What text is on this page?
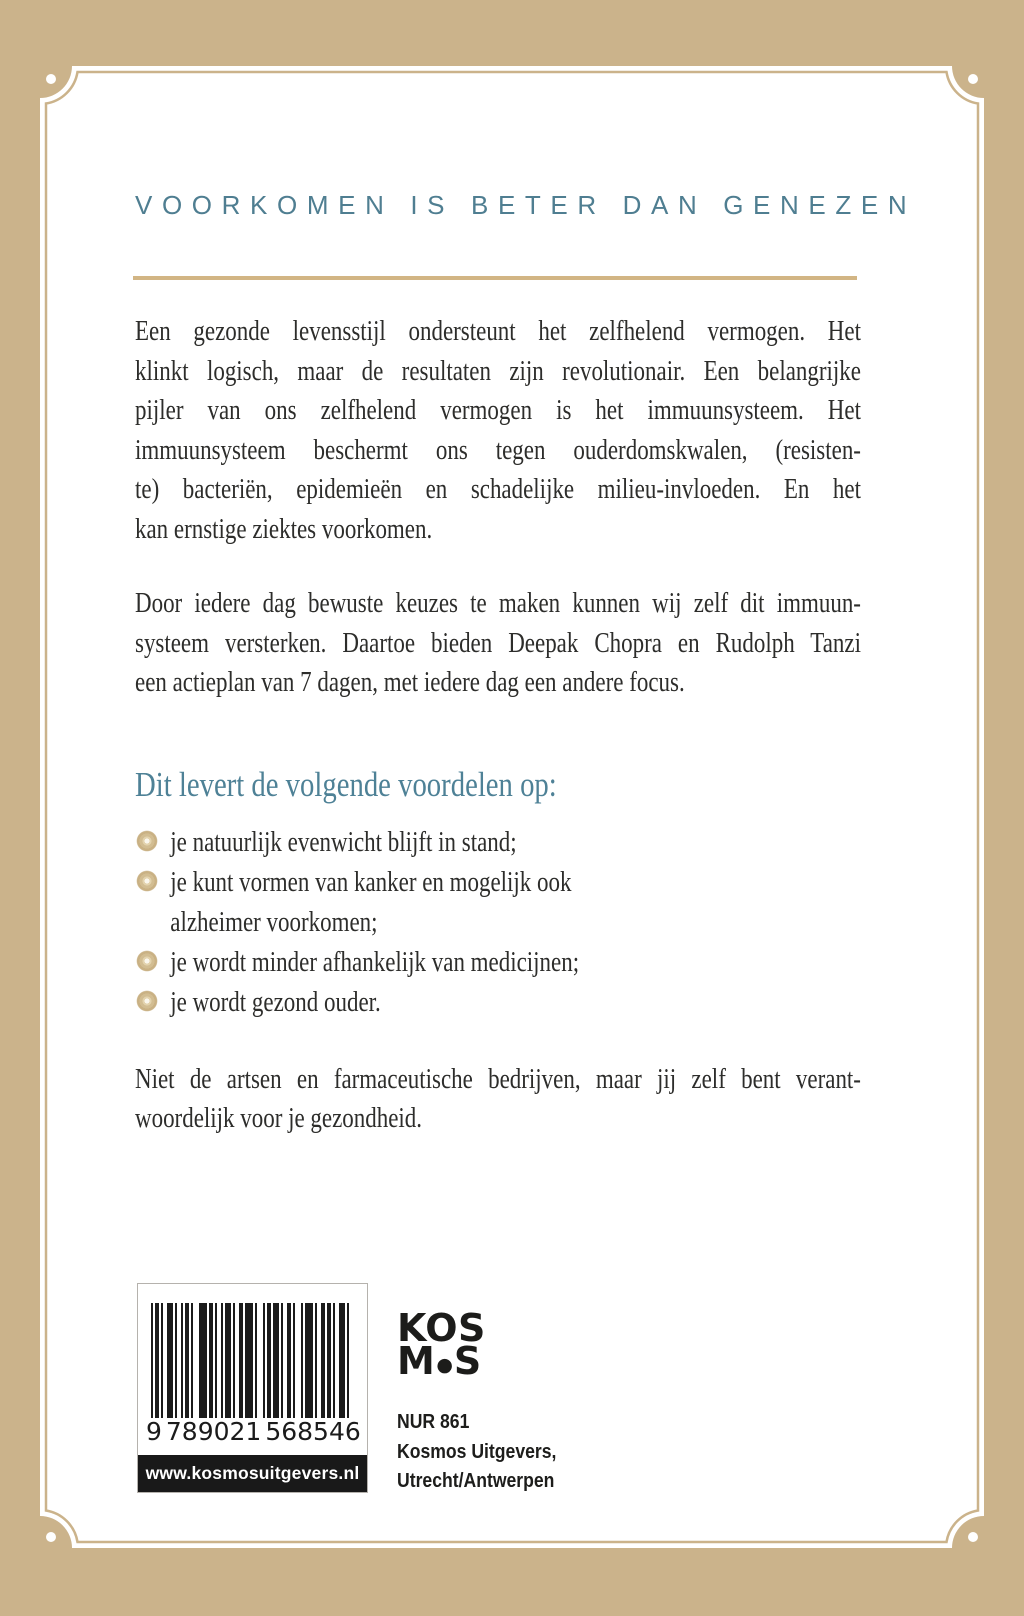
VOORKOMEN IS BETER DAN GENEZEN
Een gezonde levensstijl ondersteunt het zelfhelend vermogen. Het
klinkt logisch, maar de resultaten zijn revolutionair. Een belangrijke
pijler van ons zelfhelend vermogen is het immuunsysteem. Het
immuunsysteem beschermt ons tegen ouderdomskwalen, (resisten-
te) bacteriën, epidemieën en schadelijke milieu-invloeden. En het
kan ernstige ziektes voorkomen.
Door iedere dag bewuste keuzes te maken kunnen wij zelf dit immuun-
systeem versterken. Daartoe bieden Deepak Chopra en Rudolph Tanzi
een actieplan van 7 dagen, met iedere dag een andere focus.
Dit levert de volgende voordelen op:
je natuurlijk evenwicht blijft in stand;
je kunt vormen van kanker en mogelijk ook
alzheimer voorkomen;
je wordt minder afhankelijk van medicijnen;
je wordt gezond ouder.
Niet de artsen en farmaceutische bedrijven, maar jij zelf bent verant-
woordelijk voor je gezondheid.
9 789021 568546
www.kosmosuitgevers.nl
KOS
M●S
NUR 861
Kosmos Uitgevers,
Utrecht/Antwerpen
